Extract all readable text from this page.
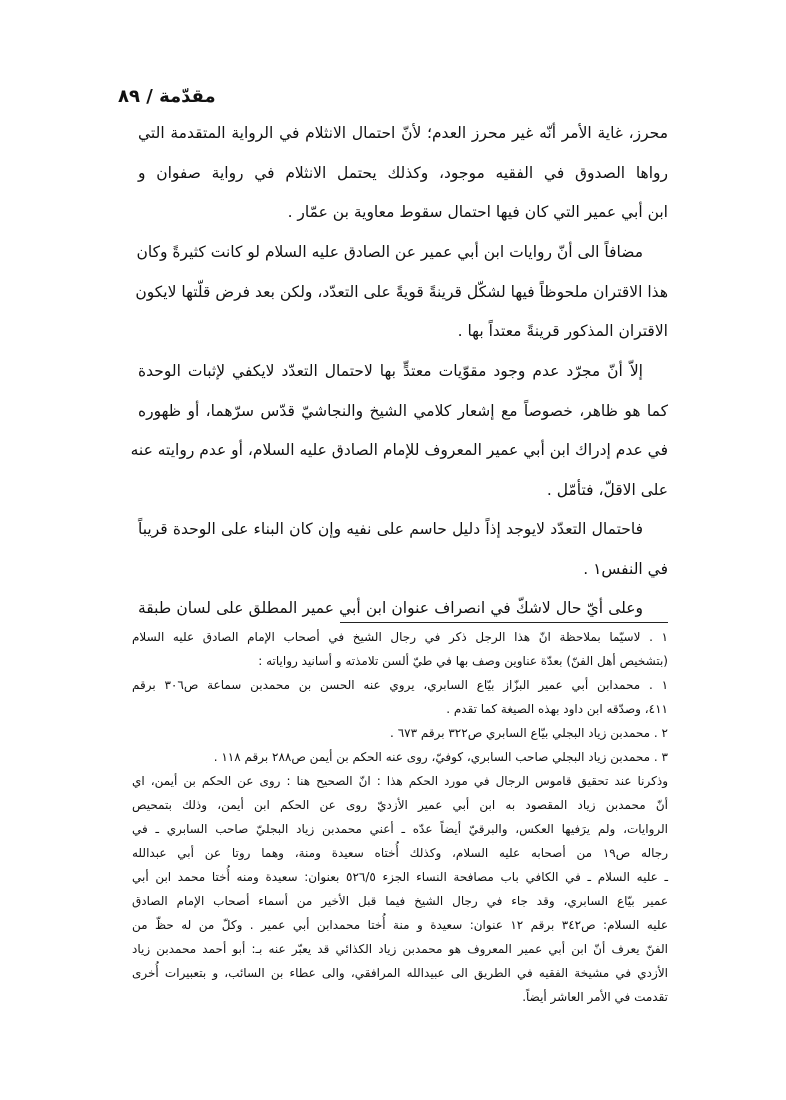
مقدّمة / ٨٩
محرز، غاية الأمر أنّه غير محرز العدم؛ لأنّ احتمال الانثلام في الرواية المتقدمة التي
رواها الصدوق في الفقيه موجود، وكذلك يحتمل الانثلام في رواية صفوان و
ابن أبي عمير التي كان فيها احتمال سقوط معاوية بن عمّار .
مضافاً الى أنّ روايات ابن أبي عمير عن الصادق عليه السلام لو كانت كثيرةً وكان
هذا الاقتران ملحوظاً فيها لشكّل قرينةً قويةً على التعدّد، ولكن بعد فرض قلّتها لايكون
الاقتران المذكور قرينةً معتداً بها .
إلاّ أنّ مجرّد عدم وجود مقوّيات معتدٍّ بها لاحتمال التعدّد لايكفي لإثبات الوحدة
كما هو ظاهر، خصوصاً مع إشعار كلامي الشيخ والنجاشيّ قدّس سرّهما، أو ظهوره
في عدم إدراك ابن أبي عمير المعروف للإمام الصادق عليه السلام، أو عدم روايته عنه
على الاقلّ، فتأمّل .
فاحتمال التعدّد لايوجد إذاً دليل حاسم على نفيه وإن كان البناء على الوحدة قريباً
في النفس١ .
وعلى أيّ حال لاشكّ في انصراف عنوان ابن أبي عمير المطلق على لسان طبقة
١ . لاسيّما بملاحظة انّ هذا الرجل ذكر في رجال الشيخ في أصحاب الإمام الصادق عليه السلام
(بتشخيص أهل الفنّ) بعدّة عناوين وصف بها في طيّ ألسن تلامذته و أسانيد رواياته :
١ . محمدابن أبي عمير البزّاز بيّاع السابري، يروي عنه الحسن بن محمدبن سماعة ص٣٠٦ برقم
٤١١، وصدّقه ابن داود بهذه الصيغة كما تقدم .
٢ . محمدبن زياد البجلي بيّاع السابري ص٣٢٢ برقم ٦٧٣ .
٣ . محمدبن زياد البجلي صاحب السابري، كوفيّ، روى عنه الحكم بن أيمن ص٢٨٨ برقم ١١٨ .
وذكرنا عند تحقيق قاموس الرجال في مورد الحكم هذا : انّ الصحيح هنا : روى عن الحكم بن أيمن، اي
أنّ محمدبن زياد المقصود به ابن أبي عمير الأزديّ روى عن الحكم ابن أيمن، وذلك بتمحيص
الروايات، ولم يرَفيها العكس، والبرقيّ أيضاً عدّه ـ أعني محمدبن زياد البجليّ صاحب السابري ـ في
رجاله ص١٩ من أصحابه عليه السلام، وكذلك أُختاه سعيدة ومنة، وهما روتا عن أبي عبدالله
ـ عليه السلام ـ في الكافي باب مصافحة النساء الجزء ٥٢٦/٥ بعنوان: سعيدة ومنه أُختا محمد ابن أبي
عمير بيّاع السابري، وقد جاء في رجال الشيخ فيما قبل الأخير من أسماء أصحاب الإمام الصادق
عليه السلام: ص٣٤٢ برقم ١٢ عنوان: سعيدة و منة أُختا محمدابن أبي عمير . وكلّ من له حظّ من
الفنّ يعرف أنّ ابن أبي عمير المعروف هو محمدبن زياد الكذائي قد يعبّر عنه بـ: أبو أحمد محمدبن زياد
الأزدي في مشيخة الفقيه في الطريق الى عبيدالله المرافقي، والى عطاء بن السائب، و بتعبيرات أُخرى
تقدمت في الأمر العاشر أيضاً.
